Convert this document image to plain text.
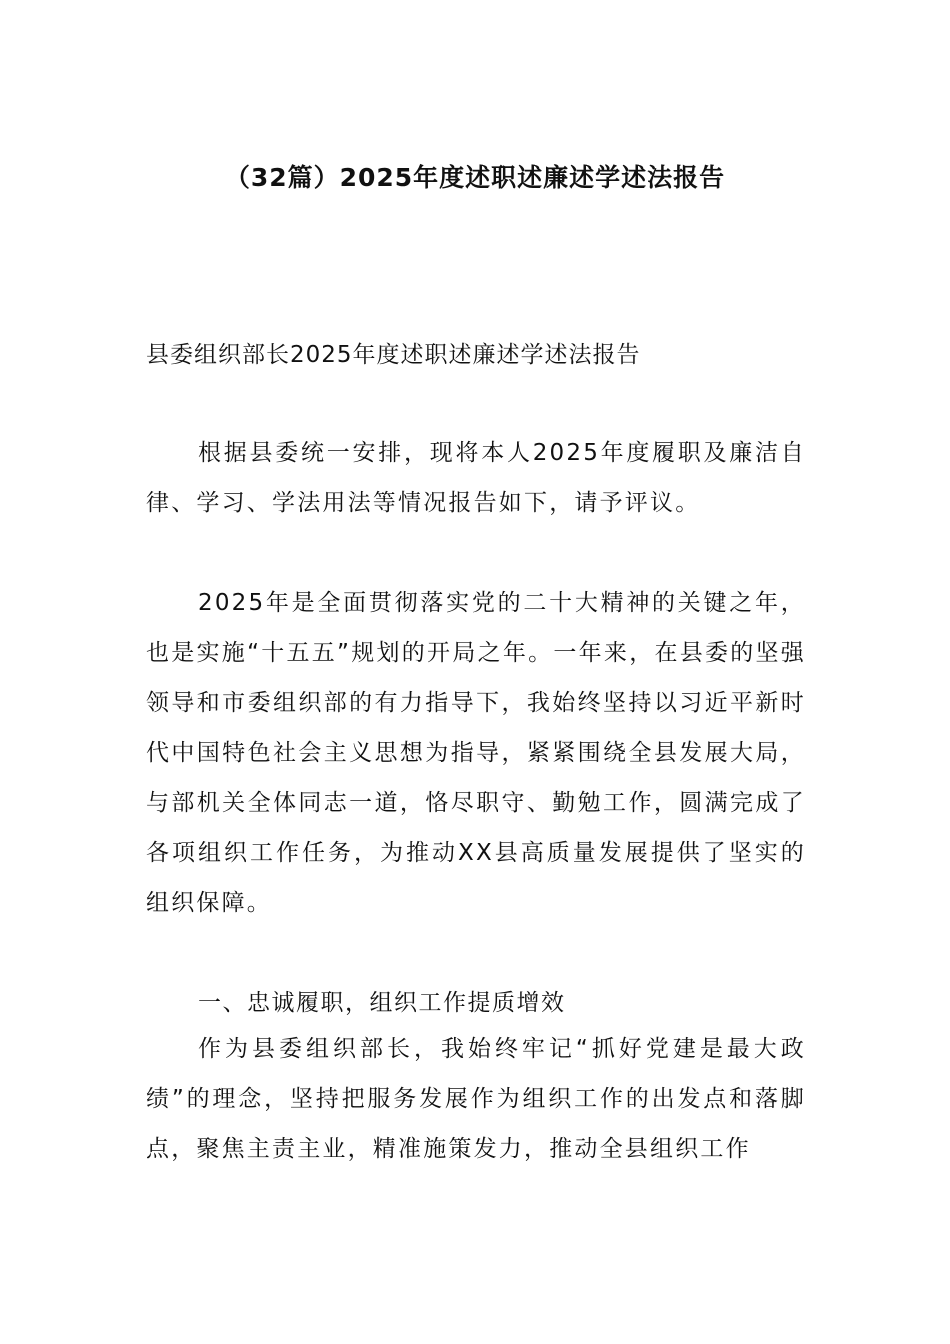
（32篇）2025年度述职述廉述学述法报告

县委组织部长2025年度述职述廉述学述法报告

根据县委统一安排，现将本人2025年度履职及廉洁自律、学习、学法用法等情况报告如下，请予评议。

2025年是全面贯彻落实党的二十大精神的关键之年，也是实施“十五五”规划的开局之年。一年来，在县委的坚强领导和市委组织部的有力指导下，我始终坚持以习近平新时代中国特色社会主义思想为指导，紧紧围绕全县发展大局，与部机关全体同志一道，恪尽职守、勤勉工作，圆满完成了各项组织工作任务，为推动XX县高质量发展提供了坚实的组织保障。

一、忠诚履职，组织工作提质增效

作为县委组织部长，我始终牢记“抓好党建是最大政绩”的理念，坚持把服务发展作为组织工作的出发点和落脚点，聚焦主责主业，精准施策发力，推动全县组织工作
